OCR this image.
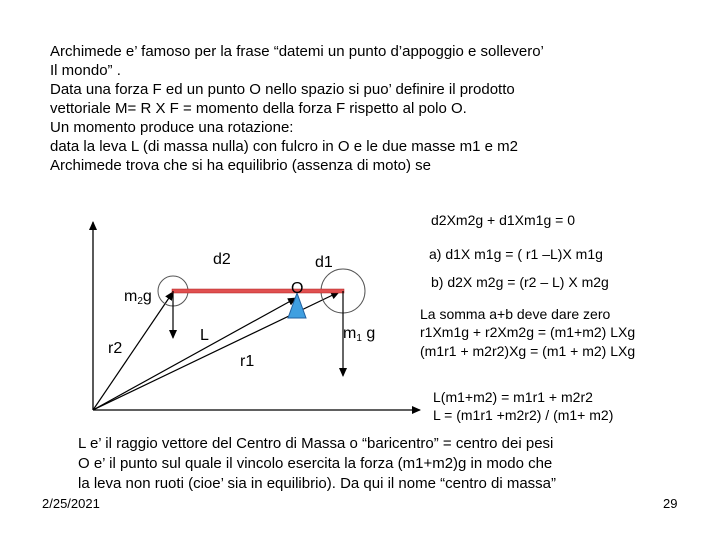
Archimede e’ famoso per la frase “datemi un punto d’appoggio e sollevero’
Il mondo” .
Data una forza F ed un punto O nello spazio si puo’ definire il prodotto
vettoriale M= R X F = momento della forza F rispetto al polo O.
Un momento produce una rotazione:
data la leva L (di massa nulla) con fulcro in O e le due masse m1 e m2
Archimede trova che si ha equilibrio (assenza di moto) se
d2	d1
O
$m_2g$
r2
L
r1
$m_1$ g
d2Xm2g + d1Xm1g = 0
a) d1X m1g = ( r1 –L)X m1g
b) d2X m2g = (r2 – L) X m2g
La somma a+b deve dare zero
r1Xm1g + r2Xm2g = (m1+m2) LXg
(m1r1 + m2r2)Xg = (m1 + m2) LXg
L(m1+m2) = m1r1 + m2r2
L = (m1r1 +m2r2) / (m1+ m2)
L e’ il raggio vettore del Centro di Massa o “baricentro” = centro dei pesi
O e’ il punto sul quale il vincolo esercita la forza (m1+m2)g in modo che
la leva non ruoti (cioe’ sia in equilibrio). Da qui il nome “centro di massa”
2/25/2021	29
